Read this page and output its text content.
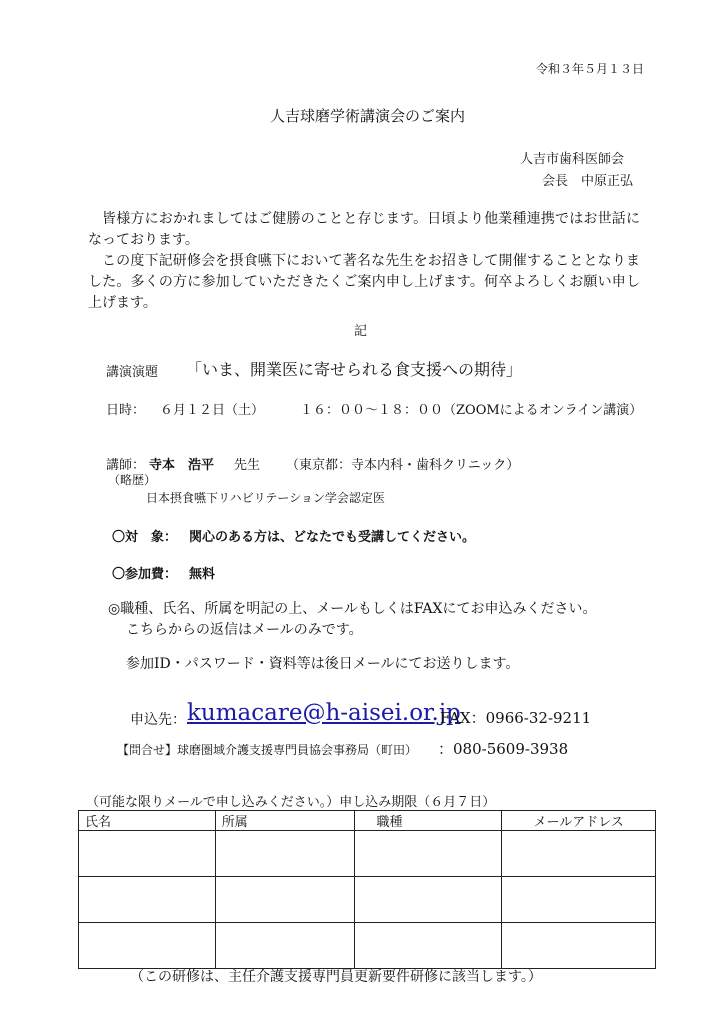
令和３年５月１３日
人吉球磨学術講演会のご案内
人吉市歯科医師会
会長　中原正弘

皆様方におかれましてはご健勝のことと存じます。日頃より他業種連携ではお世話になっております。

この度下記研修会を摂食嚥下において著名な先生をお招きして開催することとなりました。多くの方に参加していただきたくご案内申し上げます。何卒よろしくお願い申し上げます。

記
講演演題 「いま、開業医に寄せられる食支援への期待」
日時： ６月１２日（土）	１６：００〜１８：００（ZOOMによるオンライン講演）
講師： 寺本　浩平 先生 （東京都：寺本内科・歯科クリニック）
（略歴）
日本摂食嚥下リハビリテーション学会認定医
〇対　象： 関心のある方は、どなたでも受講してください。
〇参加費： 無料
◎職種、氏名、所属を明記の上、メールもしくはFAXにてお申込みください。
こちらからの返信はメールのみです。
参加ID・パスワード・資料等は後日メールにてお送りします。
申込先： kumacare@h-aisei.or.jp
FAX：0966-32-9211
【問合せ】球磨圏域介護支援専門員協会事務局（町田） ：080-5609-3938
（可能な限りメールで申し込みください。）申し込み期限（６月７日）
氏名	所属	職種	メールアドレス

（この研修は、主任介護支援専門員更新要件研修に該当します。）
